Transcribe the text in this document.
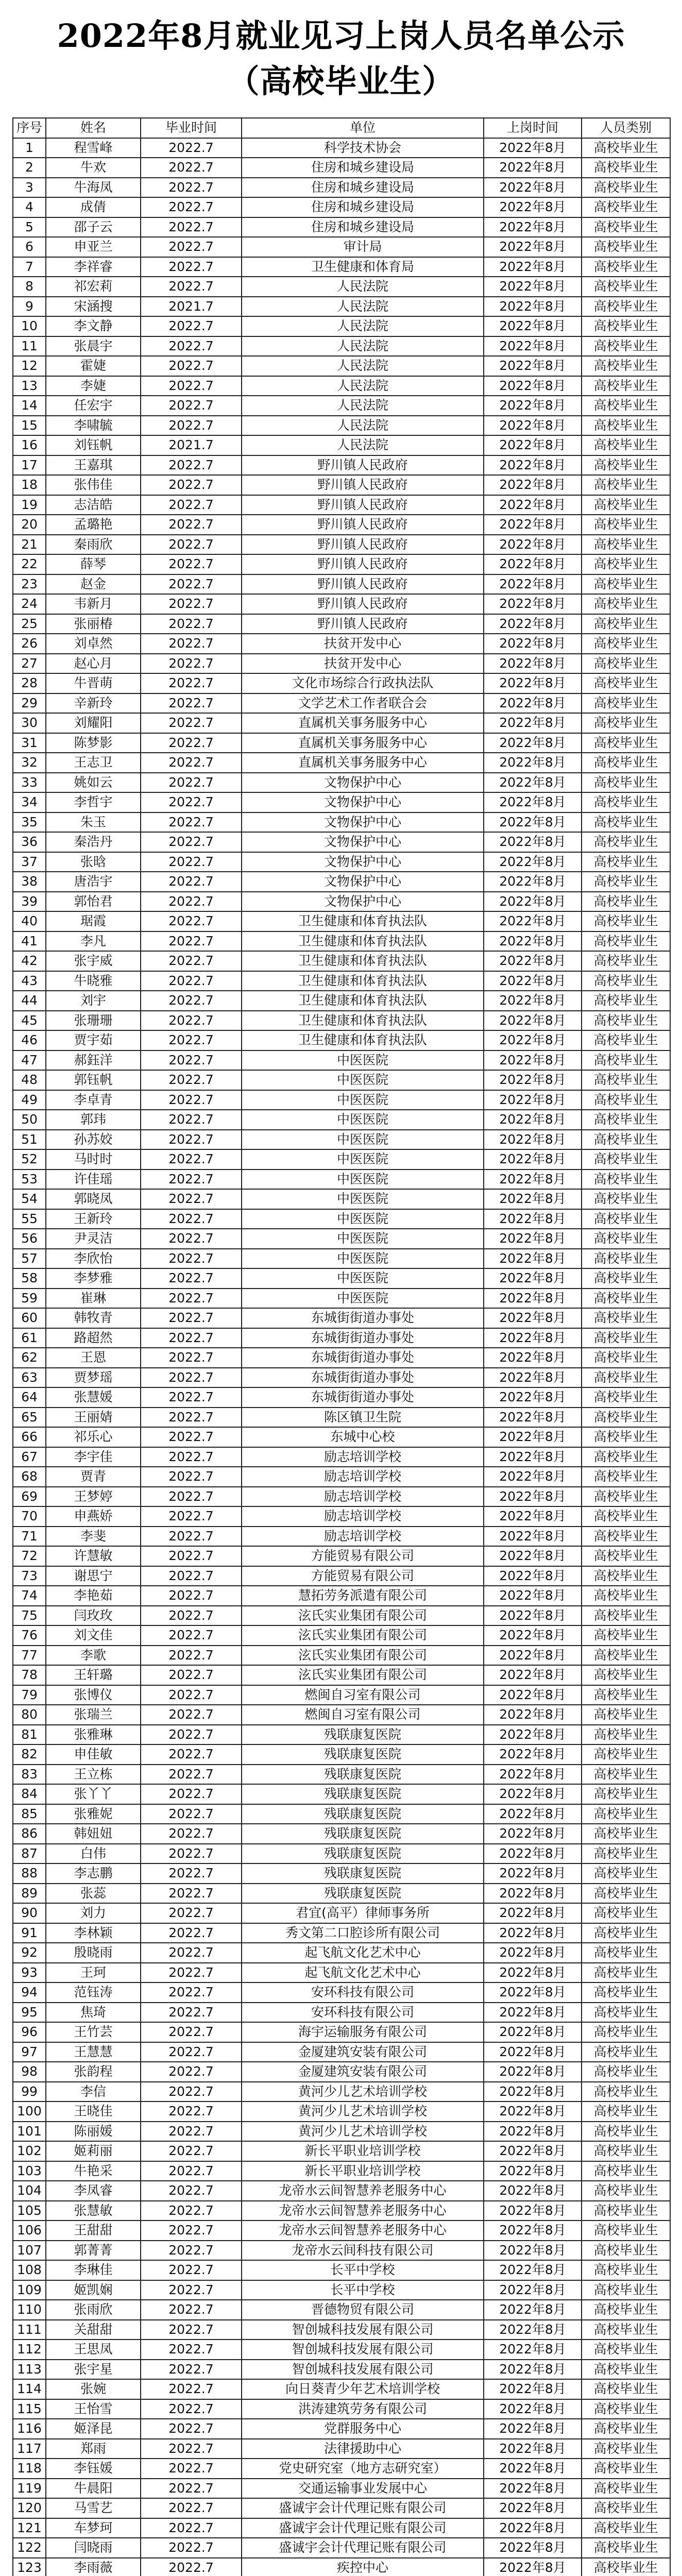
2022年8月就业见习上岗人员名单公示
（高校毕业生）
序号	姓名	毕业时间	单位	上岗时间	人员类别
1	程雪峰	2022.7	科学技术协会	2022年8月	高校毕业生
2	牛欢	2022.7	住房和城乡建设局	2022年8月	高校毕业生
3	牛海凤	2022.7	住房和城乡建设局	2022年8月	高校毕业生
4	成倩	2022.7	住房和城乡建设局	2022年8月	高校毕业生
5	邵子云	2022.7	住房和城乡建设局	2022年8月	高校毕业生
6	申亚兰	2022.7	审计局	2022年8月	高校毕业生
7	李祥睿	2022.7	卫生健康和体育局	2022年8月	高校毕业生
8	祁宏莉	2022.7	人民法院	2022年8月	高校毕业生
9	宋涵搜	2021.7	人民法院	2022年8月	高校毕业生
10	李文静	2022.7	人民法院	2022年8月	高校毕业生
11	张晨宇	2022.7	人民法院	2022年8月	高校毕业生
12	霍婕	2022.7	人民法院	2022年8月	高校毕业生
13	李婕	2022.7	人民法院	2022年8月	高校毕业生
14	任宏宇	2022.7	人民法院	2022年8月	高校毕业生
15	李啸毓	2022.7	人民法院	2022年8月	高校毕业生
16	刘钰帆	2021.7	人民法院	2022年8月	高校毕业生
17	王嘉琪	2022.7	野川镇人民政府	2022年8月	高校毕业生
18	张伟佳	2022.7	野川镇人民政府	2022年8月	高校毕业生
19	志洁皓	2022.7	野川镇人民政府	2022年8月	高校毕业生
20	孟璐艳	2022.7	野川镇人民政府	2022年8月	高校毕业生
21	秦雨欣	2022.7	野川镇人民政府	2022年8月	高校毕业生
22	薛琴	2022.7	野川镇人民政府	2022年8月	高校毕业生
23	赵金	2022.7	野川镇人民政府	2022年8月	高校毕业生
24	韦新月	2022.7	野川镇人民政府	2022年8月	高校毕业生
25	张丽椿	2022.7	野川镇人民政府	2022年8月	高校毕业生
26	刘卓然	2022.7	扶贫开发中心	2022年8月	高校毕业生
27	赵心月	2022.7	扶贫开发中心	2022年8月	高校毕业生
28	牛晋萌	2022.7	文化市场综合行政执法队	2022年8月	高校毕业生
29	辛新玲	2022.7	文学艺术工作者联合会	2022年8月	高校毕业生
30	刘耀阳	2022.7	直属机关事务服务中心	2022年8月	高校毕业生
31	陈梦影	2022.7	直属机关事务服务中心	2022年8月	高校毕业生
32	王志卫	2022.7	直属机关事务服务中心	2022年8月	高校毕业生
33	姚如云	2022.7	文物保护中心	2022年8月	高校毕业生
34	李哲宇	2022.7	文物保护中心	2022年8月	高校毕业生
35	朱玉	2022.7	文物保护中心	2022年8月	高校毕业生
36	秦浩丹	2022.7	文物保护中心	2022年8月	高校毕业生
37	张晗	2022.7	文物保护中心	2022年8月	高校毕业生
38	唐浩宇	2022.7	文物保护中心	2022年8月	高校毕业生
39	郭怡君	2022.7	文物保护中心	2022年8月	高校毕业生
40	琚霞	2022.7	卫生健康和体育执法队	2022年8月	高校毕业生
41	李凡	2022.7	卫生健康和体育执法队	2022年8月	高校毕业生
42	张宇威	2022.7	卫生健康和体育执法队	2022年8月	高校毕业生
43	牛晓雅	2022.7	卫生健康和体育执法队	2022年8月	高校毕业生
44	刘宇	2022.7	卫生健康和体育执法队	2022年8月	高校毕业生
45	张珊珊	2022.7	卫生健康和体育执法队	2022年8月	高校毕业生
46	贾宇茹	2022.7	卫生健康和体育执法队	2022年8月	高校毕业生
47	郝鈺洋	2022.7	中医医院	2022年8月	高校毕业生
48	郭钰帆	2022.7	中医医院	2022年8月	高校毕业生
49	李卓青	2022.7	中医医院	2022年8月	高校毕业生
50	郭玮	2022.7	中医医院	2022年8月	高校毕业生
51	孙苏姣	2022.7	中医医院	2022年8月	高校毕业生
52	马时时	2022.7	中医医院	2022年8月	高校毕业生
53	许佳瑶	2022.7	中医医院	2022年8月	高校毕业生
54	郭晓凤	2022.7	中医医院	2022年8月	高校毕业生
55	王新玲	2022.7	中医医院	2022年8月	高校毕业生
56	尹灵洁	2022.7	中医医院	2022年8月	高校毕业生
57	李欣怡	2022.7	中医医院	2022年8月	高校毕业生
58	李梦雅	2022.7	中医医院	2022年8月	高校毕业生
59	崔琳	2022.7	中医医院	2022年8月	高校毕业生
60	韩牧青	2022.7	东城街街道办事处	2022年8月	高校毕业生
61	路超然	2022.7	东城街街道办事处	2022年8月	高校毕业生
62	王恩	2022.7	东城街街道办事处	2022年8月	高校毕业生
63	贾梦瑶	2022.7	东城街街道办事处	2022年8月	高校毕业生
64	张慧媛	2022.7	东城街街道办事处	2022年8月	高校毕业生
65	王丽婧	2022.7	陈区镇卫生院	2022年8月	高校毕业生
66	祁乐心	2022.7	东城中心校	2022年8月	高校毕业生
67	李宇佳	2022.7	励志培训学校	2022年8月	高校毕业生
68	贾青	2022.7	励志培训学校	2022年8月	高校毕业生
69	王梦婷	2022.7	励志培训学校	2022年8月	高校毕业生
70	申燕娇	2022.7	励志培训学校	2022年8月	高校毕业生
71	李斐	2022.7	励志培训学校	2022年8月	高校毕业生
72	许慧敏	2022.7	方能贸易有限公司	2022年8月	高校毕业生
73	谢思宁	2022.7	方能贸易有限公司	2022年8月	高校毕业生
74	李艳茹	2022.7	慧拓劳务派遣有限公司	2022年8月	高校毕业生
75	闫玫玫	2022.7	泫氏实业集团有限公司	2022年8月	高校毕业生
76	刘文佳	2022.7	泫氏实业集团有限公司	2022年8月	高校毕业生
77	李歌	2022.7	泫氏实业集团有限公司	2022年8月	高校毕业生
78	王轩璐	2022.7	泫氏实业集团有限公司	2022年8月	高校毕业生
79	张博仪	2022.7	燃闽自习室有限公司	2022年8月	高校毕业生
80	张瑞兰	2022.7	燃闽自习室有限公司	2022年8月	高校毕业生
81	张雅琳	2022.7	残联康复医院	2022年8月	高校毕业生
82	申佳敏	2022.7	残联康复医院	2022年8月	高校毕业生
83	王立栋	2022.7	残联康复医院	2022年8月	高校毕业生
84	张丫丫	2022.7	残联康复医院	2022年8月	高校毕业生
85	张雅妮	2022.7	残联康复医院	2022年8月	高校毕业生
86	韩妞妞	2022.7	残联康复医院	2022年8月	高校毕业生
87	白伟	2022.7	残联康复医院	2022年8月	高校毕业生
88	李志鹏	2022.7	残联康复医院	2022年8月	高校毕业生
89	张蕊	2022.7	残联康复医院	2022年8月	高校毕业生
90	刘力	2022.7	君宜(高平）律师事务所	2022年8月	高校毕业生
91	李林颖	2022.7	秀文第二口腔诊所有限公司	2022年8月	高校毕业生
92	殷晓雨	2022.7	起飞航文化艺术中心	2022年8月	高校毕业生
93	王珂	2022.7	起飞航文化艺术中心	2022年8月	高校毕业生
94	范钰涛	2022.7	安环科技有限公司	2022年8月	高校毕业生
95	焦琦	2022.7	安环科技有限公司	2022年8月	高校毕业生
96	王竹芸	2022.7	海宇运输服务有限公司	2022年8月	高校毕业生
97	王慧慧	2022.7	金厦建筑安装有限公司	2022年8月	高校毕业生
98	张韵程	2022.7	金厦建筑安装有限公司	2022年8月	高校毕业生
99	李信	2022.7	黄河少儿艺术培训学校	2022年8月	高校毕业生
100	王晓佳	2022.7	黄河少儿艺术培训学校	2022年8月	高校毕业生
101	陈丽媛	2022.7	黄河少儿艺术培训学校	2022年8月	高校毕业生
102	姬莉丽	2022.7	新长平职业培训学校	2022年8月	高校毕业生
103	牛艳采	2022.7	新长平职业培训学校	2022年8月	高校毕业生
104	李凤睿	2022.7	龙帝水云间智慧养老服务中心	2022年8月	高校毕业生
105	张慧敏	2022.7	龙帝水云间智慧养老服务中心	2022年8月	高校毕业生
106	王甜甜	2022.7	龙帝水云间智慧养老服务中心	2022年8月	高校毕业生
107	郭菁菁	2022.7	龙帝水云间科技有限公司	2022年8月	高校毕业生
108	李琳佳	2022.7	长平中学校	2022年8月	高校毕业生
109	姬凯娴	2022.7	长平中学校	2022年8月	高校毕业生
110	张雨欣	2022.7	晋德物贸有限公司	2022年8月	高校毕业生
111	关甜甜	2022.7	智创城科技发展有限公司	2022年8月	高校毕业生
112	王思凤	2022.7	智创城科技发展有限公司	2022年8月	高校毕业生
113	张宇星	2022.7	智创城科技发展有限公司	2022年8月	高校毕业生
114	张婉	2022.7	向日葵青少年艺术培训学校	2022年8月	高校毕业生
115	王怡雪	2022.7	洪涛建筑劳务有限公司	2022年8月	高校毕业生
116	姬泽昆	2022.7	党群服务中心	2022年8月	高校毕业生
117	郑雨	2022.7	法律援助中心	2022年8月	高校毕业生
118	李钰媛	2022.7	党史研究室（地方志研究室）	2022年8月	高校毕业生
119	牛晨阳	2022.7	交通运输事业发展中心	2022年8月	高校毕业生
120	马雪艺	2022.7	盛诚宇会计代理记账有限公司	2022年8月	高校毕业生
121	车梦珂	2022.7	盛诚宇会计代理记账有限公司	2022年8月	高校毕业生
122	闫晓雨	2022.7	盛诚宇会计代理记账有限公司	2022年8月	高校毕业生
123	李雨薇	2022.7	疾控中心	2022年8月	高校毕业生
